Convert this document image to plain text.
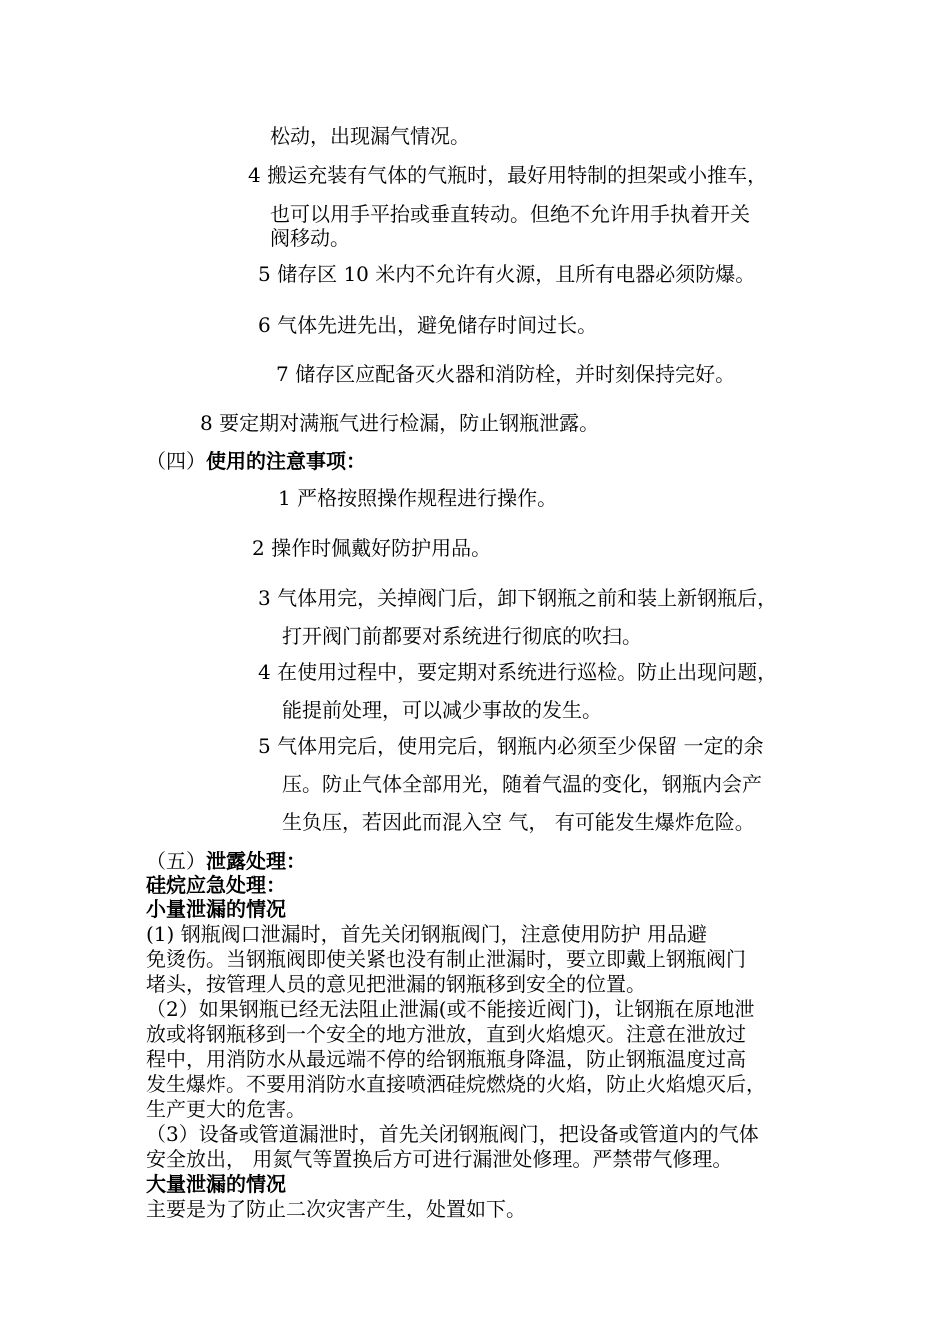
松动，出现漏气情况。
4 搬运充装有气体的气瓶时，最好用特制的担架或小推车，
也可以用手平抬或垂直转动。但绝不允许用手执着开关
阀移动。
5 储存区 10 米内不允许有火源，且所有电器必须防爆。
6 气体先进先出，避免储存时间过长。
7 储存区应配备灭火器和消防栓，并时刻保持完好。
8 要定期对满瓶气进行检漏，防止钢瓶泄露。
（四）使用的注意事项：
1 严格按照操作规程进行操作。
2 操作时佩戴好防护用品。
3 气体用完，关掉阀门后，卸下钢瓶之前和装上新钢瓶后，
打开阀门前都要对系统进行彻底的吹扫。
4 在使用过程中，要定期对系统进行巡检。防止出现问题，
能提前处理，可以减少事故的发生。
5 气体用完后，使用完后，钢瓶内必须至少保留 一定的余
压。防止气体全部用光，随着气温的变化，钢瓶内会产
生负压，若因此而混入空 气， 有可能发生爆炸危险。
（五）泄露处理：
硅烷应急处理：
小量泄漏的情况
(1) 钢瓶阀口泄漏时，首先关闭钢瓶阀门，注意使用防护 用品避
免烫伤。当钢瓶阀即使关紧也没有制止泄漏时，要立即戴上钢瓶阀门
堵头，按管理人员的意见把泄漏的钢瓶移到安全的位置。
（2）如果钢瓶已经无法阻止泄漏(或不能接近阀门)，让钢瓶在原地泄
放或将钢瓶移到一个安全的地方泄放，直到火焰熄灭。注意在泄放过
程中，用消防水从最远端不停的给钢瓶瓶身降温，防止钢瓶温度过高
发生爆炸。不要用消防水直接喷洒硅烷燃烧的火焰，防止火焰熄灭后，
生产更大的危害。
（3）设备或管道漏泄时，首先关闭钢瓶阀门，把设备或管道内的气体
安全放出， 用氮气等置换后方可进行漏泄处修理。严禁带气修理。
大量泄漏的情况
主要是为了防止二次灾害产生，处置如下。
